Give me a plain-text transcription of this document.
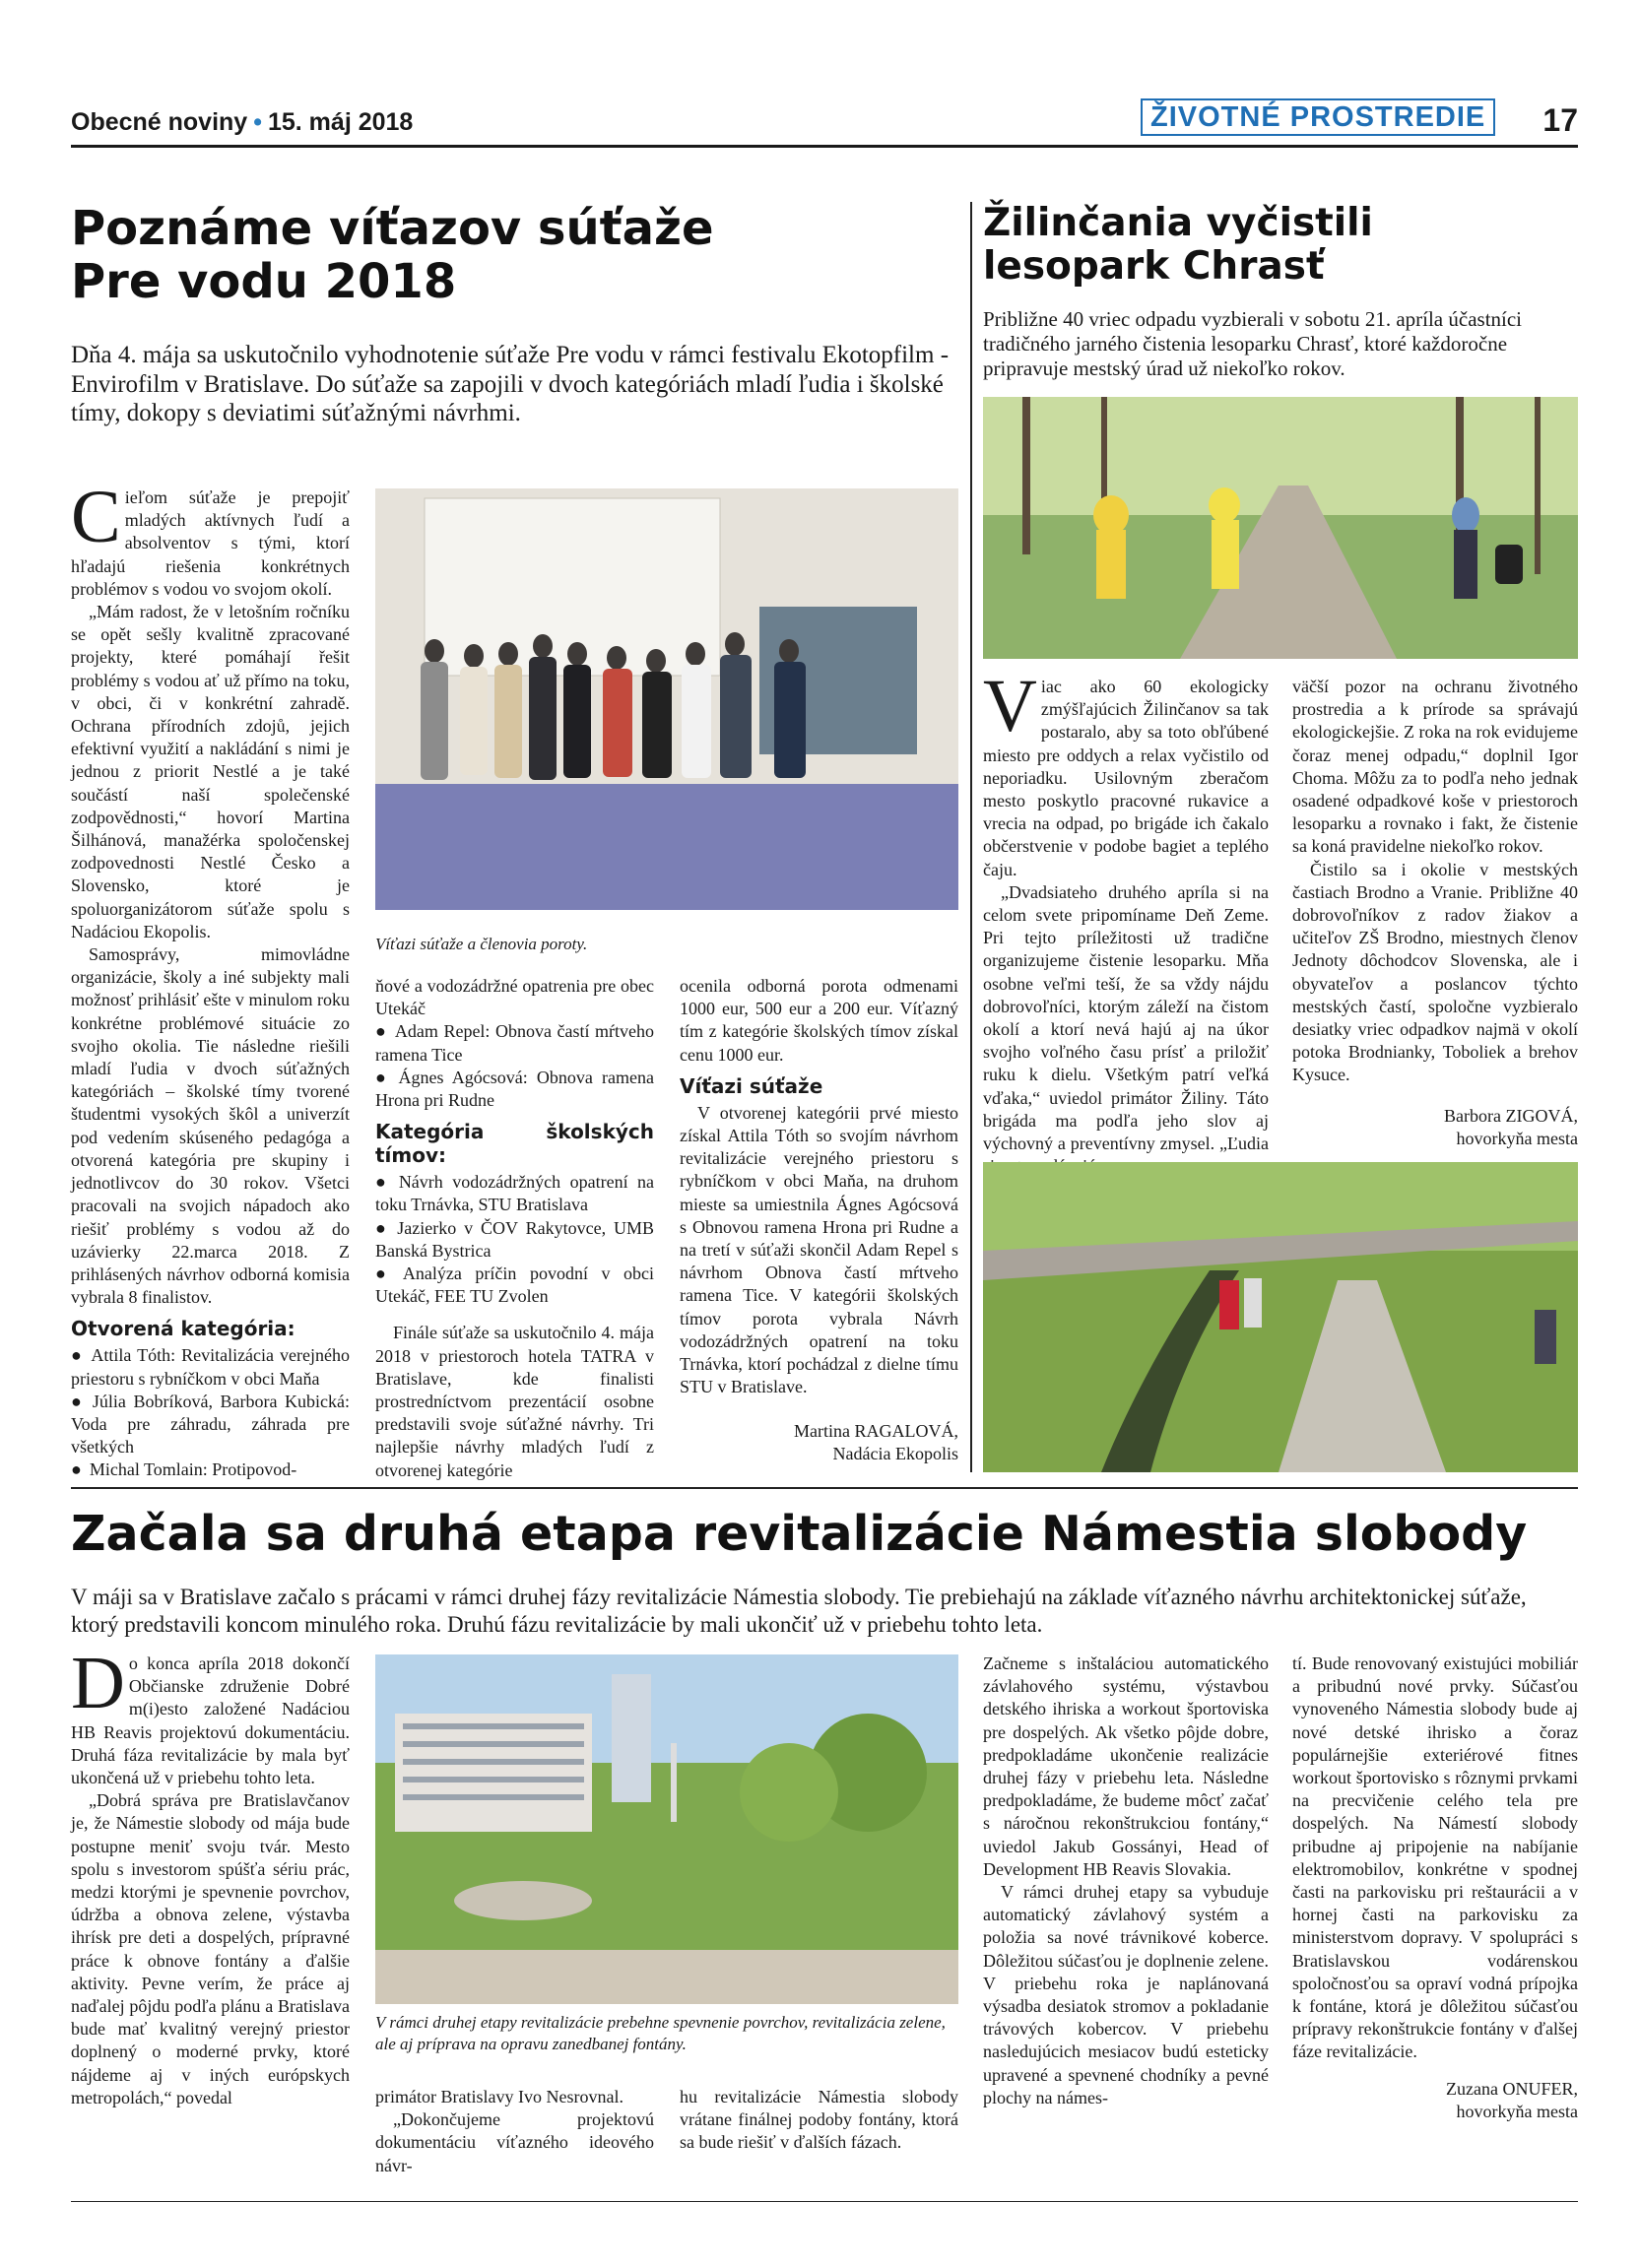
Obecné noviny • 15. máj 2018	ŽIVOTNÉ PROSTREDIE	17
Poznáme víťazov súťaže
Pre vodu 2018
Dňa 4. mája sa uskutočnilo vyhodnotenie súťaže Pre vodu v rámci festivalu Ekotopfilm - Envirofilm v Bratislave. Do súťaže sa zapojili v dvoch kategóriách mladí ľudia i školské tímy, dokopy s deviatimi súťažnými návrhmi.

Cieľom súťaže je prepojiť mladých aktívnych ľudí a absolventov s tými, ktorí hľadajú riešenia konkrétnych problémov s vodou vo svojom okolí.

„Mám radost, že v letošním ročníku se opět sešly kvalitně zpracované projekty, které pomáhají řešit problémy s vodou ať už přímo na toku, v obci, či v konkrétní zahradě. Ochrana přírodních zdojů, jejich efektivní využití a nakládání s nimi je jednou z priorit Nestlé a je také součástí naší společenské zodpovědnosti,“ hovorí Martina Šilhánová, manažérka spoločenskej zodpovednosti Nestlé Česko a Slovensko, ktoré je spoluorganizátorom súťaže spolu s Nadáciou Ekopolis.

Samosprávy, mimovládne organizácie, školy a iné subjekty mali možnosť prihlásiť ešte v minulom roku konkrétne problémové situácie zo svojho okolia. Tie následne riešili mladí ľudia v dvoch súťažných kategóriách – školské tímy tvorené študentmi vysokých škôl a univerzít pod vedením skúseného pedagóga a otvorená kategória pre skupiny i jednotlivcov do 30 rokov. Všetci pracovali na svojich nápadoch ako riešiť problémy s vodou až do uzávierky 22.marca 2018. Z prihlásených návrhov odborná komisia vybrala 8 finalistov.

Otvorená kategória:
● Attila Tóth: Revitalizácia verejného priestoru s rybníčkom v obci Maňa
● Júlia Bobríková, Barbora Kubická: Voda pre záhradu, záhrada pre všetkých
● Michal Tomlain: Protipovod-
Víťazi súťaže a členovia poroty.

ňové a vodozádržné opatrenia pre obec Utekáč

● Adam Repel: Obnova častí mŕtveho ramena Tice
● Ágnes Agócsová: Obnova ramena Hrona pri Rudne
Kategória školských tímov:
● Návrh vodozádržných opatrení na toku Trnávka, STU Bratislava
● Jazierko v ČOV Rakytovce, UMB Banská Bystrica
● Analýza príčin povodní v obci Utekáč, FEE TU Zvolen

Finále súťaže sa uskutočnilo 4. mája 2018 v priestoroch hotela TATRA v Bratislave, kde finalisti prostredníctvom prezentácií osobne predstavili svoje súťažné návrhy. Tri najlepšie návrhy mladých ľudí z otvorenej kategórie

ocenila odborná porota odmenami 1000 eur, 500 eur a 200 eur. Víťazný tím z kategórie školských tímov získal cenu 1000 eur.

Víťazi súťaže

V otvorenej kategórii prvé miesto získal Attila Tóth so svojím návrhom revitalizácie verejného priestoru s rybníčkom v obci Maňa, na druhom mieste sa umiestnila Ágnes Agócsová s Obnovou ramena Hrona pri Rudne a na tretí v súťaži skončil Adam Repel s návrhom Obnova častí mŕtveho ramena Tice. V kategórii školských tímov porota vybrala Návrh vodozádržných opatrení na toku Trnávka, ktorí pochádzal z dielne tímu STU v Bratislave.

Martina RAGALOVÁ,
Nadácia Ekopolis
Žilinčania vyčistili
lesopark Chrasť
Približne 40 vriec odpadu vyzbierali v sobotu 21. apríla účastníci tradičného jarného čistenia lesoparku Chrasť, ktoré každoročne pripravuje mestský úrad už niekoľko rokov.

Viac ako 60 ekologicky zmýšľajúcich Žilinčanov sa tak postaralo, aby sa toto obľúbené miesto pre oddych a relax vyčistilo od neporiadku. Usilovným zberačom mesto poskytlo pracovné rukavice a vrecia na odpad, po brigáde ich čakalo občerstvenie v podobe bagiet a teplého čaju.

„Dvadsiateho druhého apríla si na celom svete pripomíname Deň Zeme. Pri tejto príležitosti už tradične organizujeme čistenie lesoparku. Mňa osobne veľmi teší, že sa vždy nájdu dobrovoľníci, ktorým záleží na čistom okolí a ktorí nevá hajú aj na úkor svojho voľného času prísť a priložiť ruku k dielu. Všetkým patrí veľká vďaka,“ uviedol primátor Žiliny. Táto brigáda ma podľa jeho slov aj výchovný a preventívny zmysel. „Ľudia

väčší pozor na ochranu životného prostredia a k prírode sa správajú ekologickejšie. Z roka na rok evidujeme čoraz menej odpadu,“ doplnil Igor Choma. Môžu za to podľa neho jednak osadené odpadkové koše v priestoroch lesoparku a rovnako i fakt, že čistenie sa koná pravidelne niekoľko rokov.

Čistilo sa i okolie v mestských častiach Brodno a Vranie. Približne 40 dobrovoľníkov z radov žiakov a učiteľov ZŠ Brodno, miestnych členov Jednoty dôchodcov Slovenska, ale i obyvateľov a poslancov týchto mestských častí, spoločne vyzbieralo desiatky vriec odpadkov najmä v okolí potoka Brodnianky, Toboliek a brehov Kysuce.

Barbora ZIGOVÁ,
hovorkyňa mesta
Začala sa druhá etapa revitalizácie Námestia slobody
V máji sa v Bratislave začalo s prácami v rámci druhej fázy revitalizácie Námestia slobody. Tie prebiehajú na základe víťazného návrhu architektonickej súťaže, ktorý predstavili koncom minulého roka. Druhú fázu revitalizácie by mali ukončiť už v priebehu tohto leta.

Do konca apríla 2018 dokončí Občianske združenie Dobré m(i)esto založené Nadáciou HB Reavis projektovú dokumentáciu. Druhá fáza revitalizácie by mala byť ukončená už v priebehu tohto leta.

„Dobrá správa pre Bratislavčanov je, že Námestie slobody od mája bude postupne meniť svoju tvár. Mesto spolu s investorom spúšťa sériu prác, medzi ktorými je spevnenie povrchov, údržba a obnova zelene, výstavba ihrísk pre deti a dospelých, prípravné práce k obnove fontány a ďalšie aktivity. Pevne verím, že práce aj naďalej pôjdu podľa plánu a Bratislava bude mať kvalitný verejný priestor doplnený o moderné prvky, ktoré nájdeme aj v iných európskych metropolách,“ povedal

V rámci druhej etapy revitalizácie prebehne spevnenie povrchov, revitalizácia zelene, ale aj príprava na opravu zanedbanej fontány.

primátor Bratislavy Ivo Nesrovnal.

„Dokončujeme projektovú dokumentáciu víťazného ideového návr-

hu revitalizácie Námestia slobody vrátane finálnej podoby fontány, ktorá sa bude riešiť v ďalších fázach.

Začneme s inštaláciou automatického závlahového systému, výstavbou detského ihriska a workout športoviska pre dospelých. Ak všetko pôjde dobre, predpokladáme ukončenie realizácie druhej fázy v priebehu leta. Následne predpokladáme, že budeme môcť začať s náročnou rekonštrukciou fontány,“ uviedol Jakub Gossányi, Head of Development HB Reavis Slovakia.

V rámci druhej etapy sa vybuduje automatický závlahový systém a položia sa nové trávnikové koberce. Dôležitou súčasťou je doplnenie zelene. V priebehu roka je naplánovaná výsadba desiatok stromov a pokladanie trávových kobercov. V priebehu nasledujúcich mesiacov budú esteticky upravené a spevnené chodníky a pevné plochy na námes-

tí. Bude renovovaný existujúci mobiliár a pribudnú nové prvky. Súčasťou vynoveného Námestia slobody bude aj nové detské ihrisko a čoraz populárnejšie exteriérové fitnes workout športovisko s rôznymi prvkami na precvičenie celého tela pre dospelých. Na Námestí slobody pribudne aj pripojenie na nabíjanie elektromobilov, konkrétne v spodnej časti na parkovisku pri reštaurácii a v hornej časti na parkovisku za ministerstvom dopravy. V spolupráci s Bratislavskou vodárenskou spoločnosťou sa opraví vodná prípojka k fontáne, ktorá je dôležitou súčasťou prípravy rekonštrukcie fontány v ďalšej fáze revitalizácie.

Zuzana ONUFER,
hovorkyňa mesta
